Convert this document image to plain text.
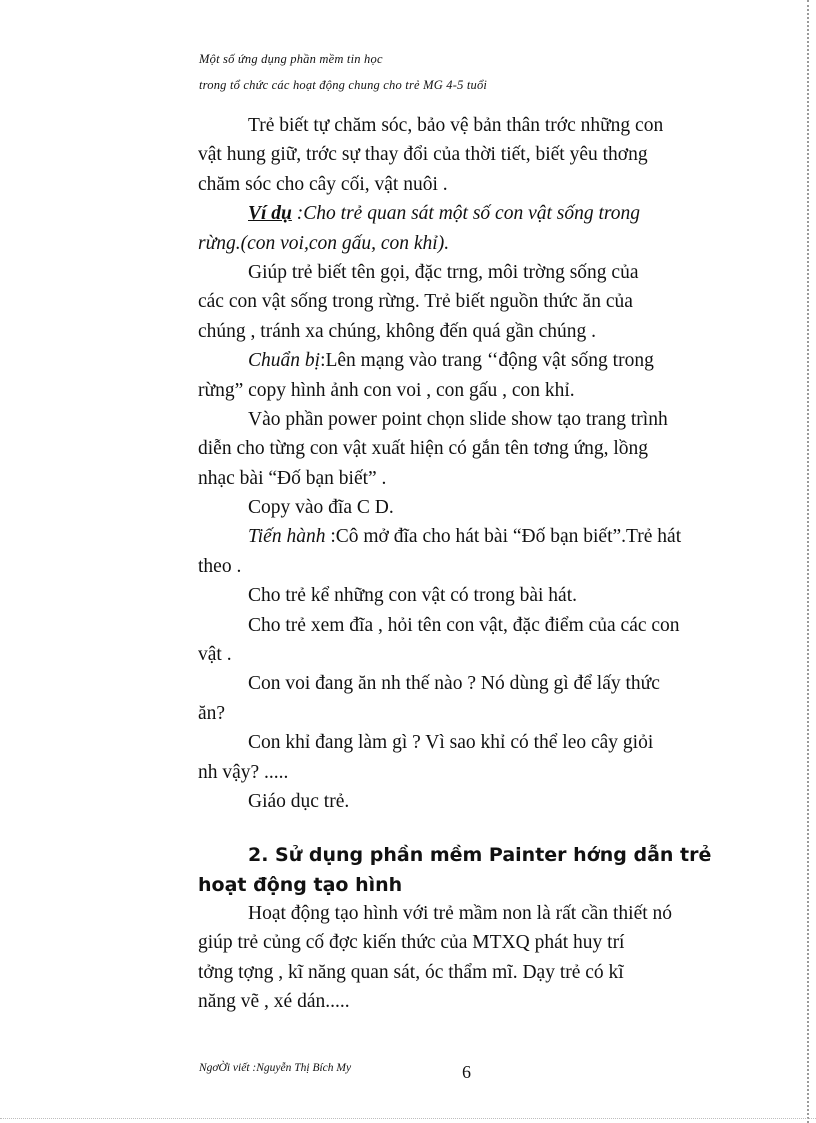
Một số ứng dụng phần mềm tin học
trong tổ chức các hoạt động chung cho trẻ MG 4-5 tuổi
Trẻ biết tự chăm sóc, bảo vệ bản thân trớc những con
vật hung giữ, trớc sự thay đổi của thời tiết, biết yêu thơng
chăm sóc cho cây cối, vật nuôi .
Ví dụ :Cho trẻ quan sát một số con vật sống trong
rừng.(con voi,con gấu, con khỉ).
Giúp trẻ biết tên gọi, đặc trng, môi trờng sống của
các con vật sống trong rừng. Trẻ biết nguồn thức ăn của
chúng , tránh xa chúng, không đến quá gần chúng .
Chuẩn bị:Lên mạng vào trang ‘‘động vật sống trong
rừng” copy hình ảnh con voi , con gấu , con khỉ.
Vào phần power point chọn slide show tạo trang trình
diễn cho từng con vật xuất hiện có gắn tên tơng ứng, lồng
nhạc bài “Đố bạn biết” .
Copy vào đĩa C D.
Tiến hành :Cô mở đĩa cho hát bài “Đố bạn biết”.Trẻ hát
theo .
Cho trẻ kể những con vật có trong bài hát.
Cho trẻ xem đĩa , hỏi tên con vật, đặc điểm của các con
vật .
Con voi đang ăn nh thế nào ? Nó dùng gì để lấy thức
ăn?
Con khỉ đang làm gì ? Vì sao khỉ có thể leo cây giỏi
nh vậy? .....
Giáo dục trẻ.
2. Sử dụng phần mềm Painter hớng dẫn trẻ
hoạt động tạo hình
Hoạt động tạo hình với trẻ mầm non là rất cần thiết nó
giúp trẻ củng cố đợc kiến thức của MTXQ phát huy trí
tởng tợng , kĩ năng quan sát, óc thẩm mĩ. Dạy trẻ có kĩ
năng vẽ , xé dán.....
NgơỜi viết :Nguyễn Thị Bích My	6
